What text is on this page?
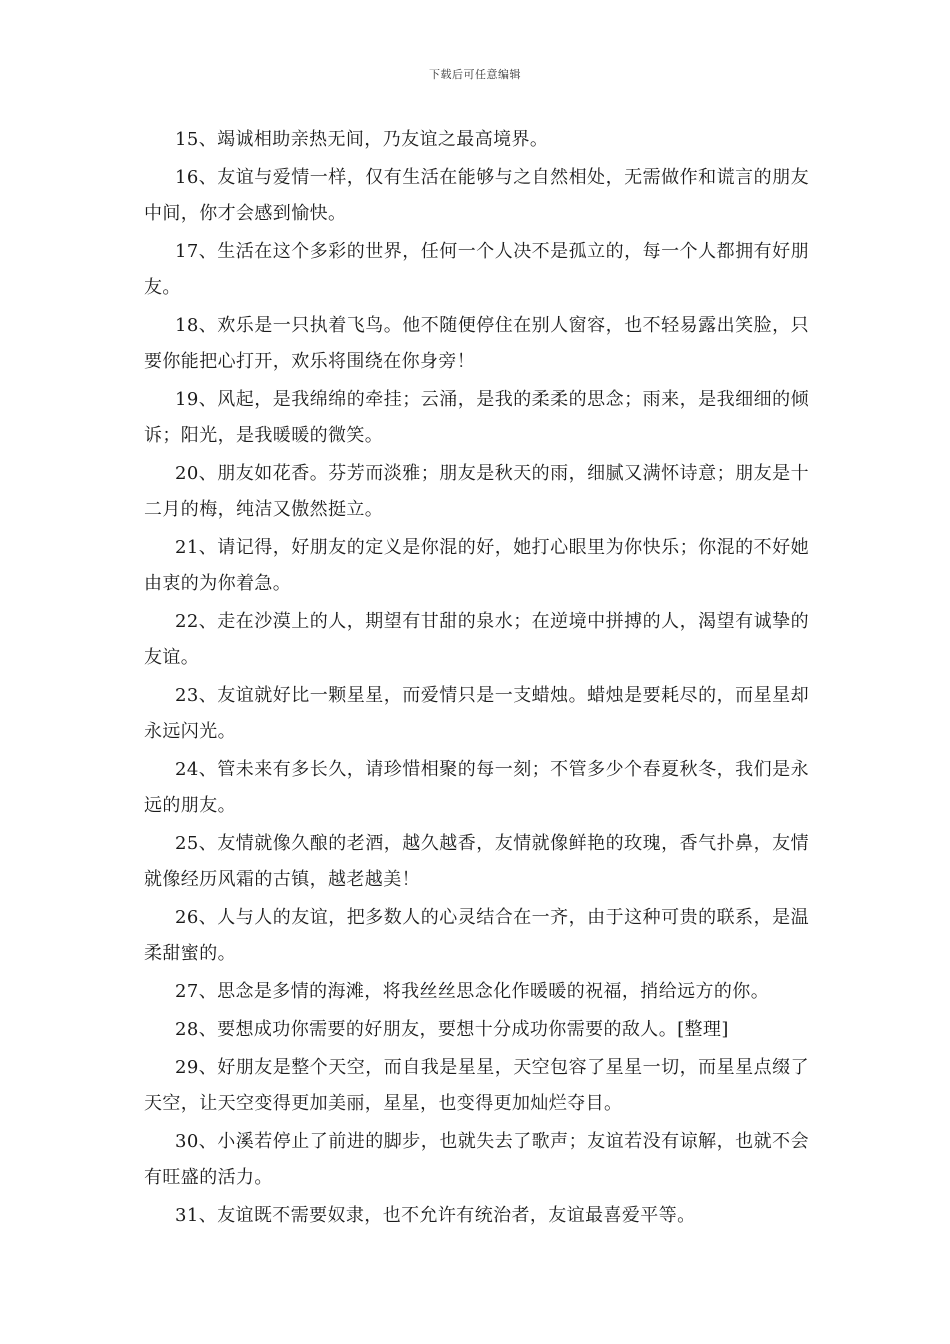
下载后可任意编辑

15、竭诚相助亲热无间，乃友谊之最高境界。

16、友谊与爱情一样，仅有生活在能够与之自然相处，无需做作和谎言的朋友中间，你才会感到愉快。

17、生活在这个多彩的世界，任何一个人决不是孤立的，每一个人都拥有好朋友。

18、欢乐是一只执着飞鸟。他不随便停住在别人窗容，也不轻易露出笑脸，只要你能把心打开，欢乐将围绕在你身旁！

19、风起，是我绵绵的牵挂；云涌，是我的柔柔的思念；雨来，是我细细的倾诉；阳光，是我暖暖的微笑。

20、朋友如花香。芬芳而淡雅；朋友是秋天的雨，细腻又满怀诗意；朋友是十二月的梅，纯洁又傲然挺立。

21、请记得，好朋友的定义是你混的好，她打心眼里为你快乐；你混的不好她由衷的为你着急。

22、走在沙漠上的人，期望有甘甜的泉水；在逆境中拼搏的人，渴望有诚挚的友谊。

23、友谊就好比一颗星星，而爱情只是一支蜡烛。蜡烛是要耗尽的，而星星却永远闪光。

24、管未来有多长久，请珍惜相聚的每一刻；不管多少个春夏秋冬，我们是永远的朋友。

25、友情就像久酿的老酒，越久越香，友情就像鲜艳的玫瑰，香气扑鼻，友情就像经历风霜的古镇，越老越美！

26、人与人的友谊，把多数人的心灵结合在一齐，由于这种可贵的联系，是温柔甜蜜的。

27、思念是多情的海滩，将我丝丝思念化作暖暖的祝福，捎给远方的你。

28、要想成功你需要的好朋友，要想十分成功你需要的敌人。[整理]

29、好朋友是整个天空，而自我是星星，天空包容了星星一切，而星星点缀了天空，让天空变得更加美丽，星星，也变得更加灿烂夺目。

30、小溪若停止了前进的脚步，也就失去了歌声；友谊若没有谅解，也就不会有旺盛的活力。

31、友谊既不需要奴隶，也不允许有统治者，友谊最喜爱平等。
